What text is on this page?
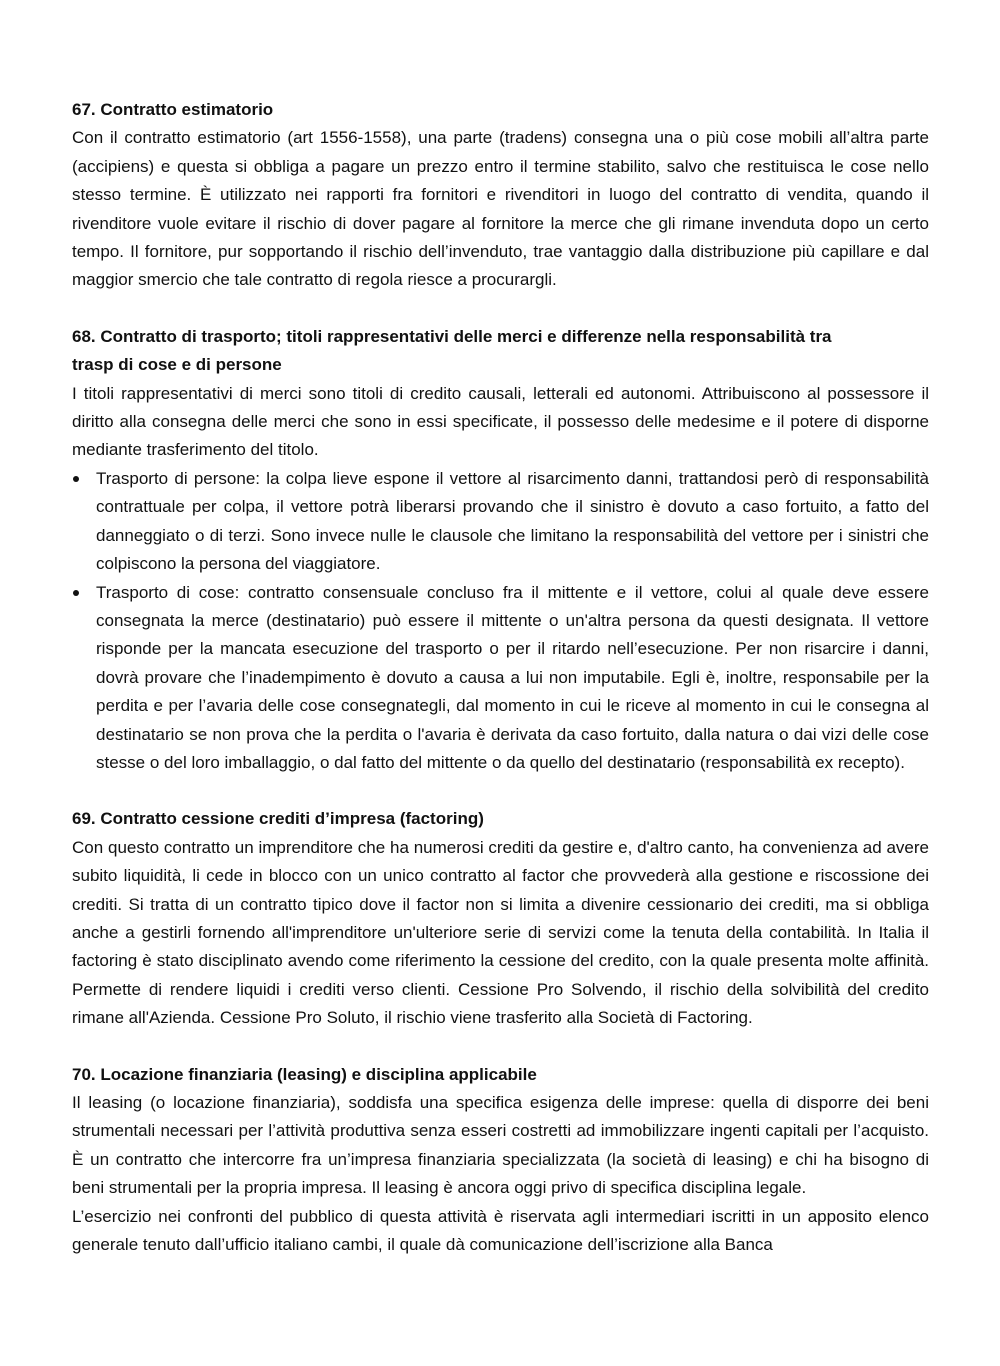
67. Contratto estimatorio

Con il contratto estimatorio (art 1556-1558), una parte (tradens) consegna una o più cose mobili all’altra parte (accipiens) e questa si obbliga a pagare un prezzo entro il termine stabilito, salvo che restituisca le cose nello stesso termine. È utilizzato nei rapporti fra fornitori e rivenditori in luogo del contratto di vendita, quando il rivenditore vuole evitare il rischio di dover pagare al fornitore la merce che gli rimane invenduta dopo un certo tempo. Il fornitore, pur sopportando il rischio dell’invenduto, trae vantaggio dalla distribuzione più capillare e dal maggior smercio che tale contratto di regola riesce a procurargli.

68. Contratto di trasporto; titoli rappresentativi delle merci e differenze nella responsabilità tra
trasp di cose e di persone

I titoli rappresentativi di merci sono titoli di credito causali, letterali ed autonomi. Attribuiscono al possessore il diritto alla consegna delle merci che sono in essi specificate, il possesso delle medesime e il potere di disporne mediante trasferimento del titolo.

Trasporto di persone: la colpa lieve espone il vettore al risarcimento danni, trattandosi però di responsabilità contrattuale per colpa, il vettore potrà liberarsi provando che il sinistro è dovuto a caso fortuito, a fatto del danneggiato o di terzi. Sono invece nulle le clausole che limitano la responsabilità del vettore per i sinistri che colpiscono la persona del viaggiatore.
Trasporto di cose: contratto consensuale concluso fra il mittente e il vettore, colui al quale deve essere consegnata la merce (destinatario) può essere il mittente o un'altra persona da questi designata. Il vettore risponde per la mancata esecuzione del trasporto o per il ritardo nell’esecuzione. Per non risarcire i danni, dovrà provare che l’inadempimento è dovuto a causa a lui non imputabile. Egli è, inoltre, responsabile per la perdita e per l’avaria delle cose consegnategli, dal momento in cui le riceve al momento in cui le consegna al destinatario se non prova che la perdita o l'avaria è derivata da caso fortuito, dalla natura o dai vizi delle cose stesse o del loro imballaggio, o dal fatto del mittente o da quello del destinatario (responsabilità ex recepto).

69. Contratto cessione crediti d’impresa (factoring)

Con questo contratto un imprenditore che ha numerosi crediti da gestire e, d'altro canto, ha convenienza ad avere subito liquidità, li cede in blocco con un unico contratto al factor che provvederà alla gestione e riscossione dei crediti. Si tratta di un contratto tipico dove il factor non si limita a divenire cessionario dei crediti, ma si obbliga anche a gestirli fornendo all'imprenditore un'ulteriore serie di servizi come la tenuta della contabilità. In Italia il factoring è stato disciplinato avendo come riferimento la cessione del credito, con la quale presenta molte affinità. Permette di rendere liquidi i crediti verso clienti. Cessione Pro Solvendo, il rischio della solvibilità del credito rimane all'Azienda. Cessione Pro Soluto, il rischio viene trasferito alla Società di Factoring.

70. Locazione finanziaria (leasing) e disciplina applicabile

Il leasing (o locazione finanziaria), soddisfa una specifica esigenza delle imprese: quella di disporre dei beni strumentali necessari per l’attività produttiva senza esseri costretti ad immobilizzare ingenti capitali per l’acquisto. È un contratto che intercorre fra un’impresa finanziaria specializzata (la società di leasing) e chi ha bisogno di beni strumentali per la propria impresa. Il leasing è ancora oggi privo di specifica disciplina legale.

L’esercizio nei confronti del pubblico di questa attività è riservata agli intermediari iscritti in un apposito elenco generale tenuto dall’ufficio italiano cambi, il quale dà comunicazione dell’iscrizione alla Banca
